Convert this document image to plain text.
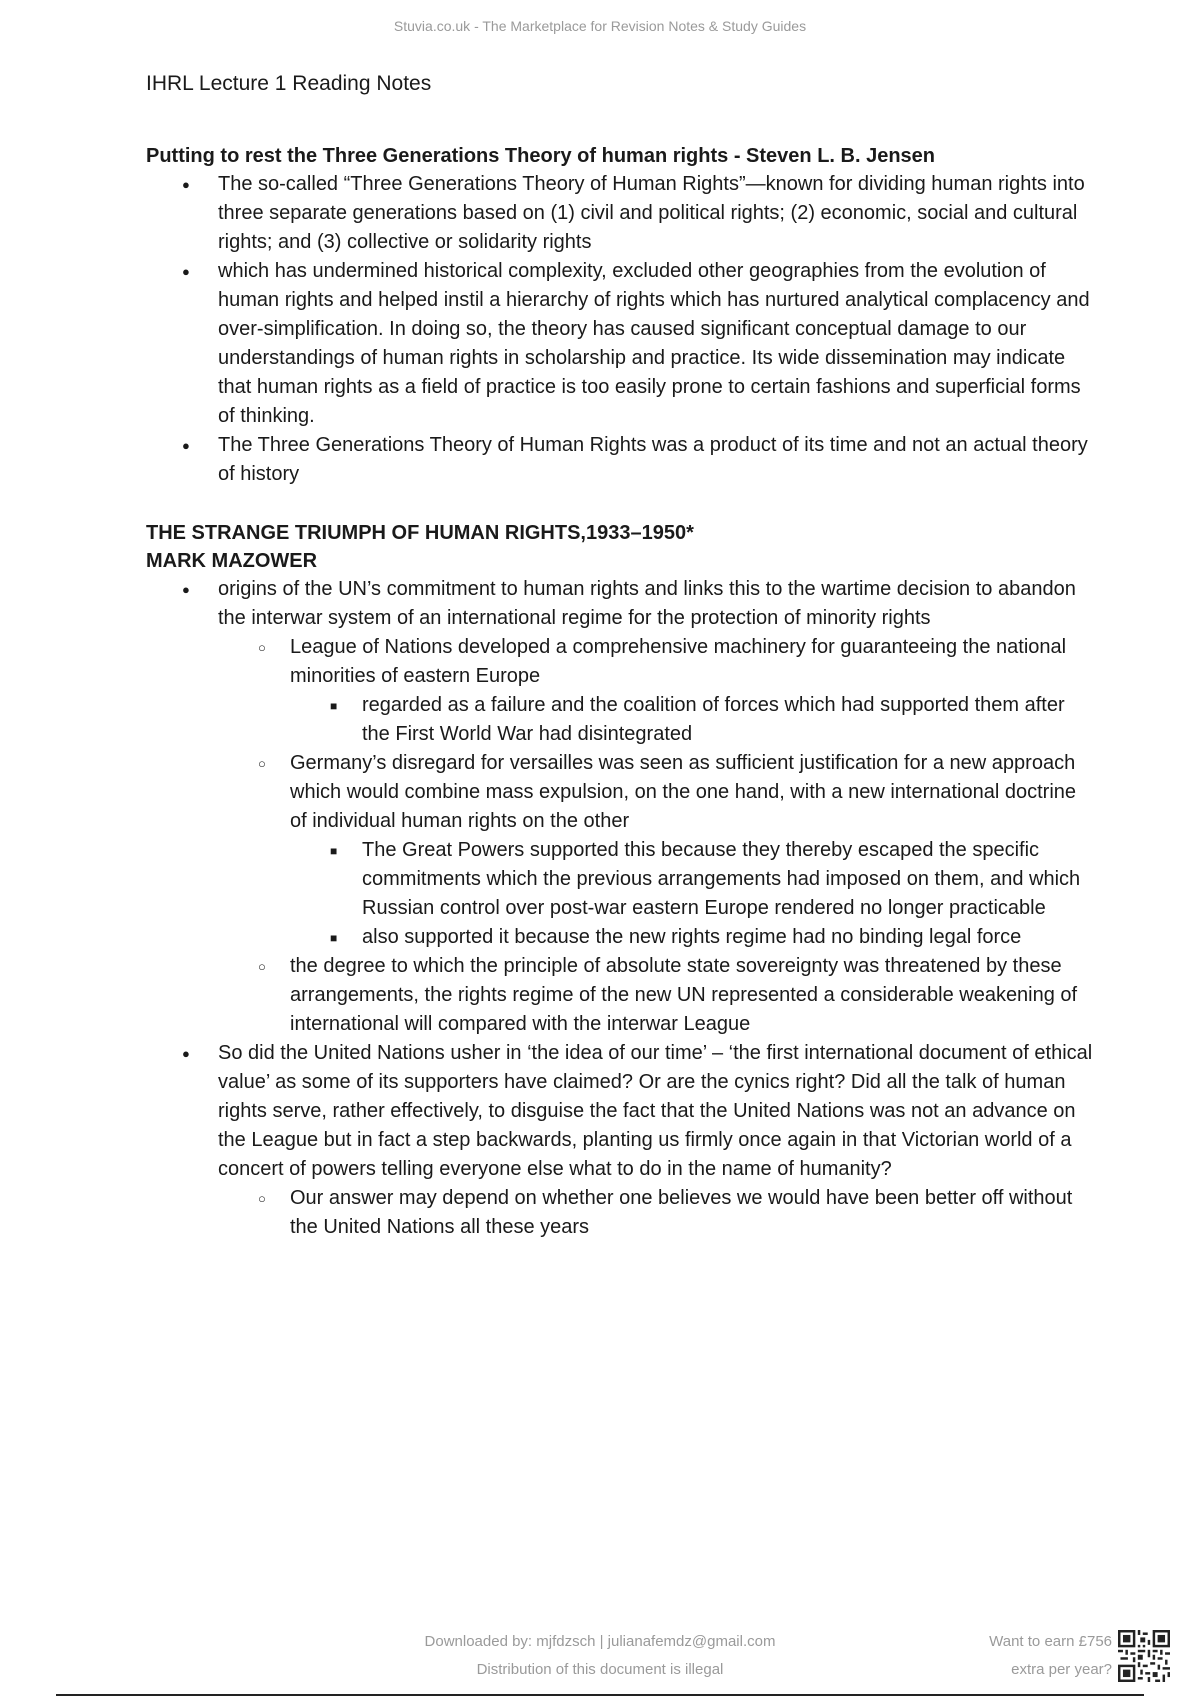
Stuvia.co.uk - The Marketplace for Revision Notes & Study Guides
IHRL Lecture 1 Reading Notes
Putting to rest the Three Generations Theory of human rights - Steven L. B. Jensen
● The so-called “Three Generations Theory of Human Rights”—known for dividing human rights into three separate generations based on (1) civil and political rights; (2) economic, social and cultural rights; and (3) collective or solidarity rights
● which has undermined historical complexity, excluded other geographies from the evolution of human rights and helped instil a hierarchy of rights which has nurtured analytical complacency and over-simplification. In doing so, the theory has caused significant conceptual damage to our understandings of human rights in scholarship and practice. Its wide dissemination may indicate that human rights as a field of practice is too easily prone to certain fashions and superficial forms of thinking.
● The Three Generations Theory of Human Rights was a product of its time and not an actual theory of history
THE STRANGE TRIUMPH OF HUMAN RIGHTS,1933–1950*
MARK MAZOWER
● origins of the UN’s commitment to human rights and links this to the wartime decision to abandon the interwar system of an international regime for the protection of minority rights
○ League of Nations developed a comprehensive machinery for guaranteeing the national minorities of eastern Europe
■ regarded as a failure and the coalition of forces which had supported them after the First World War had disintegrated
○ Germany’s disregard for versailles was seen as sufficient justification for a new approach which would combine mass expulsion, on the one hand, with a new international doctrine of individual human rights on the other
■ The Great Powers supported this because they thereby escaped the specific commitments which the previous arrangements had imposed on them, and which Russian control over post-war eastern Europe rendered no longer practicable
■ also supported it because the new rights regime had no binding legal force
○ the degree to which the principle of absolute state sovereignty was threatened by these arrangements, the rights regime of the new UN represented a considerable weakening of international will compared with the interwar League
● So did the United Nations usher in ‘the idea of our time’ – ‘the first international document of ethical value’ as some of its supporters have claimed? Or are the cynics right? Did all the talk of human rights serve, rather effectively, to disguise the fact that the United Nations was not an advance on the League but in fact a step backwards, planting us firmly once again in that Victorian world of a concert of powers telling everyone else what to do in the name of humanity?
○ Our answer may depend on whether one believes we would have been better off without the United Nations all these years
Downloaded by: mjfdzsch | julianafemdz@gmail.com
Distribution of this document is illegal
Want to earn £756
extra per year?
